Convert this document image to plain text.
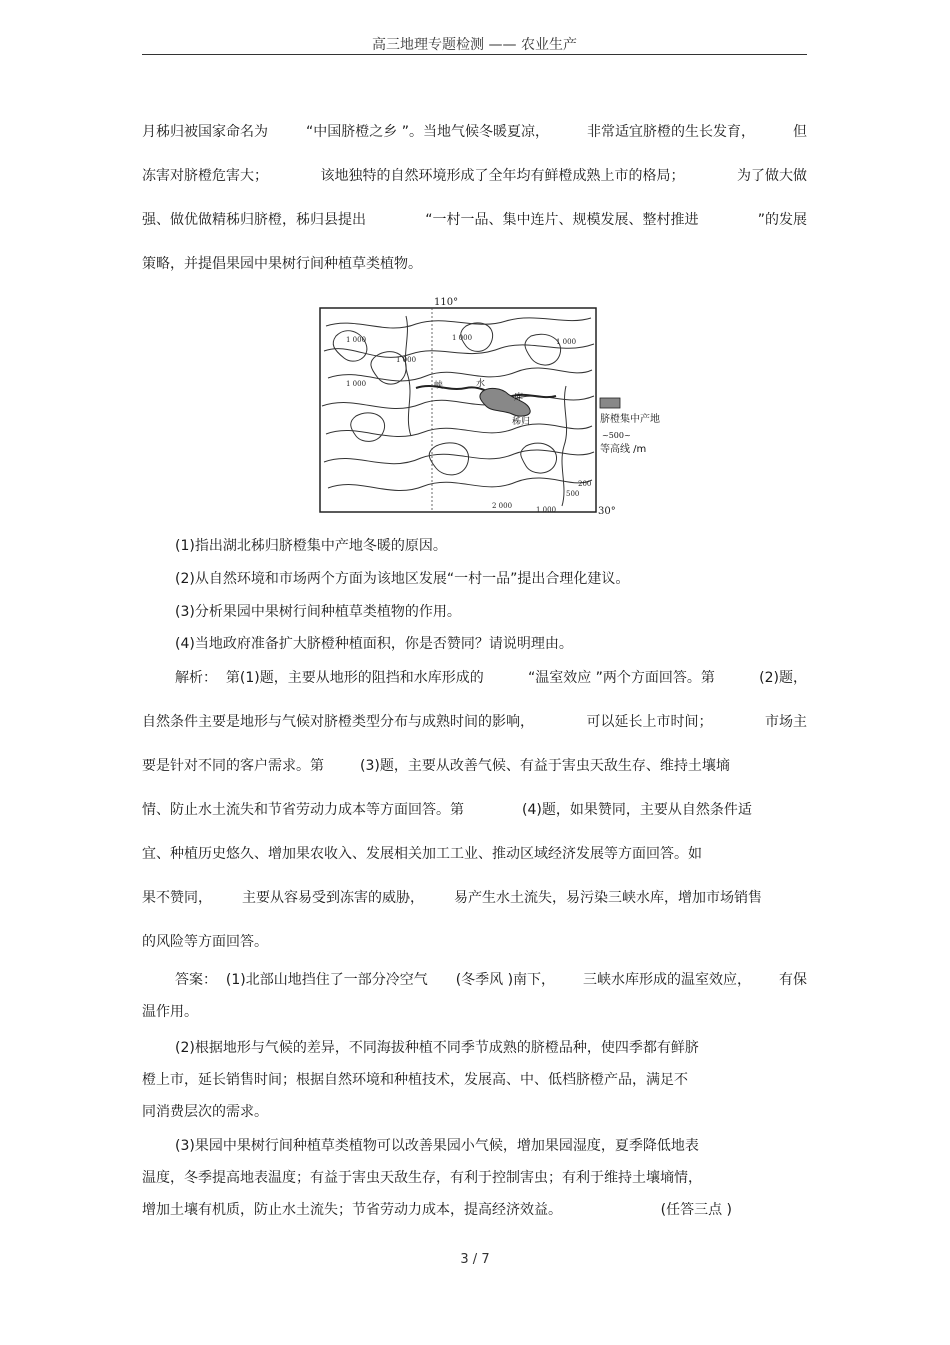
高三地理专题检测 —— 农业生产
月秭归被国家命名为	“中国脐橙之乡 ”。当地气候冬暖夏凉，	非常适宜脐橙的生长发育，	但
冻害对脐橙危害大；	该地独特的自然环境形成了全年均有鲜橙成熟上市的格局；	为了做大做
强、做优做精秭归脐橙，秭归县提出	“一村一品、集中连片、规模发展、整村推进	”的发展
策略，并提倡果园中果树行间种植草类植物。
110°
30°
1 000
1 000
1 000	1 000
1 000
200
500
2 000	1 000
峡	水
库
秭归	脐橙集中产地
~500~
等高线 /m
(1)指出湖北秭归脐橙集中产地冬暖的原因。
(2)从自然环境和市场两个方面为该地区发展“一村一品”提出合理化建议。
(3)分析果园中果树行间种植草类植物的作用。
(4)当地政府准备扩大脐橙种植面积，你是否赞同？请说明理由。
解析：  第(1)题，主要从地形的阻挡和水库形成的	“温室效应 ”两个方面回答。第	(2)题，
自然条件主要是地形与气候对脐橙类型分布与成熟时间的影响，	可以延长上市时间；	市场主
要是针对不同的客户需求。第	(3)题，主要从改善气候、有益于害虫天敌生存、维持土壤墒
情、防止水土流失和节省劳动力成本等方面回答。第	(4)题，如果赞同，主要从自然条件适
宜、种植历史悠久、增加果农收入、发展相关加工工业、推动区域经济发展等方面回答。如
果不赞同， 主要从容易受到冻害的威胁， 易产生水土流失，易污染三峡水库，增加市场销售
的风险等方面回答。
答案：  (1)北部山地挡住了一部分冷空气 (冬季风 )南下， 三峡水库形成的温室效应， 有保
温作用。
(2)根据地形与气候的差异，不同海拔种植不同季节成熟的脐橙品种，使四季都有鲜脐
橙上市，延长销售时间；根据自然环境和种植技术，发展高、中、低档脐橙产品，满足不
同消费层次的需求。
(3)果园中果树行间种植草类植物可以改善果园小气候，增加果园湿度，夏季降低地表
温度，冬季提高地表温度；有益于害虫天敌生存，有利于控制害虫；有利于维持土壤墒情，
增加土壤有机质，防止水土流失；节省劳动力成本，提高经济效益。	(任答三点 )
3 / 7
